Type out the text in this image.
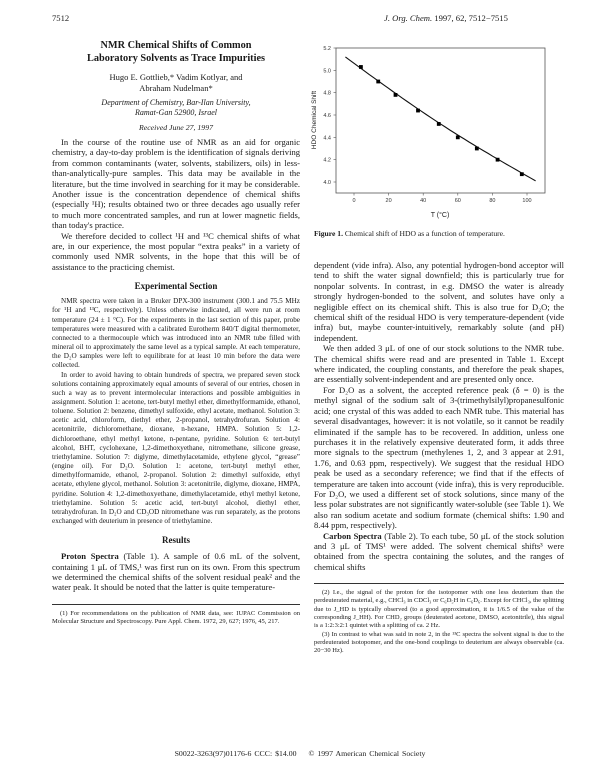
7512	J. Org. Chem. 1997, 62, 7512−7515
NMR Chemical Shifts of Common
Laboratory Solvents as Trace Impurities
Hugo E. Gottlieb,* Vadim Kotlyar, and
Abraham Nudelman*
Department of Chemistry, Bar-Ilan University,
Ramat-Gan 52900, Israel
Received June 27, 1997

In the course of the routine use of NMR as an aid for organic chemistry, a day-to-day problem is the identification of signals deriving from common contaminants (water, solvents, stabilizers, oils) in less-than-analytically-pure samples. This data may be available in the literature, but the time involved in searching for it may be considerable. Another issue is the concentration dependence of chemical shifts (especially ¹H); results obtained two or three decades ago usually refer to much more concentrated samples, and run at lower magnetic fields, than today's practice.

We therefore decided to collect ¹H and ¹³C chemical shifts of what are, in our experience, the most popular “extra peaks” in a variety of commonly used NMR solvents, in the hope that this will be of assistance to the practicing chemist.

Experimental Section

NMR spectra were taken in a Bruker DPX-300 instrument (300.1 and 75.5 MHz for ¹H and ¹³C, respectively). Unless otherwise indicated, all were run at room temperature (24 ± 1 °C). For the experiments in the last section of this paper, probe temperatures were measured with a calibrated Eurotherm 840/T digital thermometer, connected to a thermocouple which was introduced into an NMR tube filled with mineral oil to approximately the same level as a typical sample. At each temperature, the D₂O samples were left to equilibrate for at least 10 min before the data were collected.

In order to avoid having to obtain hundreds of spectra, we prepared seven stock solutions containing approximately equal amounts of several of our entries, chosen in such a way as to prevent intermolecular interactions and possible ambiguities in assignment. Solution 1: acetone, tert-butyl methyl ether, dimethylformamide, ethanol, toluene. Solution 2: benzene, dimethyl sulfoxide, ethyl acetate, methanol. Solution 3: acetic acid, chloroform, diethyl ether, 2-propanol, tetrahydrofuran. Solution 4: acetonitrile, dichloromethane, dioxane, n-hexane, HMPA. Solution 5: 1,2-dichloroethane, ethyl methyl ketone, n-pentane, pyridine. Solution 6: tert-butyl alcohol, BHT, cyclohexane, 1,2-dimethoxyethane, nitromethane, silicone grease, triethylamine. Solution 7: diglyme, dimethylacetamide, ethylene glycol, “grease” (engine oil). For D₂O. Solution 1: acetone, tert-butyl methyl ether, dimethylformamide, ethanol, 2-propanol. Solution 2: dimethyl sulfoxide, ethyl acetate, ethylene glycol, methanol. Solution 3: acetonitrile, diglyme, dioxane, HMPA, pyridine. Solution 4: 1,2-dimethoxyethane, dimethylacetamide, ethyl methyl ketone, triethylamine. Solution 5: acetic acid, tert-butyl alcohol, diethyl ether, tetrahydrofuran. In D₂O and CD₃OD nitromethane was run separately, as the protons exchanged with deuterium in presence of triethylamine.

Results

Proton Spectra (Table 1). A sample of 0.6 mL of the solvent, containing 1 μL of TMS,¹ was first run on its own. From this spectrum we determined the chemical shifts of the solvent residual peak² and the water peak. It should be noted that the latter is quite temperature-

(1) For recommendations on the publication of NMR data, see: IUPAC Commission on Molecular Structure and Spectroscopy. Pure Appl. Chem. 1972, 29, 627; 1976, 45, 217.

0	20	40	60	80	100
4.0
4.2
4.4
4.6
4.8
5.0
5.2
T (°C)
HDO Chemical Shift

Figure 1. Chemical shift of HDO as a function of temperature.

dependent (vide infra). Also, any potential hydrogen-bond acceptor will tend to shift the water signal downfield; this is particularly true for nonpolar solvents. In contrast, in e.g. DMSO the water is already strongly hydrogen-bonded to the solvent, and solutes have only a negligible effect on its chemical shift. This is also true for D₂O; the chemical shift of the residual HDO is very temperature-dependent (vide infra) but, maybe counter-intuitively, remarkably solute (and pH) independent.

We then added 3 μL of one of our stock solutions to the NMR tube. The chemical shifts were read and are presented in Table 1. Except where indicated, the coupling constants, and therefore the peak shapes, are essentially solvent-independent and are presented only once.

For D₂O as a solvent, the accepted reference peak (δ = 0) is the methyl signal of the sodium salt of 3-(trimethylsilyl)propanesulfonic acid; one crystal of this was added to each NMR tube. This material has several disadvantages, however: it is not volatile, so it cannot be readily eliminated if the sample has to be recovered. In addition, unless one purchases it in the relatively expensive deuterated form, it adds three more signals to the spectrum (methylenes 1, 2, and 3 appear at 2.91, 1.76, and 0.63 ppm, respectively). We suggest that the residual HDO peak be used as a secondary reference; we find that if the effects of temperature are taken into account (vide infra), this is very reproducible. For D₂O, we used a different set of stock solutions, since many of the less polar substrates are not significantly water-soluble (see Table 1). We also ran sodium acetate and sodium formate (chemical shifts: 1.90 and 8.44 ppm, respectively).

Carbon Spectra (Table 2). To each tube, 50 μL of the stock solution and 3 μL of TMS¹ were added. The solvent chemical shifts³ were obtained from the spectra containing the solutes, and the ranges of chemical shifts

(2) I.e., the signal of the proton for the isotopomer with one less deuterium than the perdeuterated material, e.g., CHCl₃ in CDCl₃ or C₆D₅H in C₆D₆. Except for CHCl₃, the splitting due to J_HD is typically observed (to a good approximation, it is 1/6.5 of the value of the corresponding J_HH). For CHD₂ groups (deuterated acetone, DMSO, acetonitrile), this signal is a 1:2:3:2:1 quintet with a splitting of ca. 2 Hz.

(3) In contrast to what was said in note 2, in the ¹³C spectra the solvent signal is due to the perdeuterated isotopomer, and the one-bond couplings to deuterium are always observable (ca. 20−30 Hz).

S0022-3263(97)01176-6 CCC: $14.00 © 1997 American Chemical Society
